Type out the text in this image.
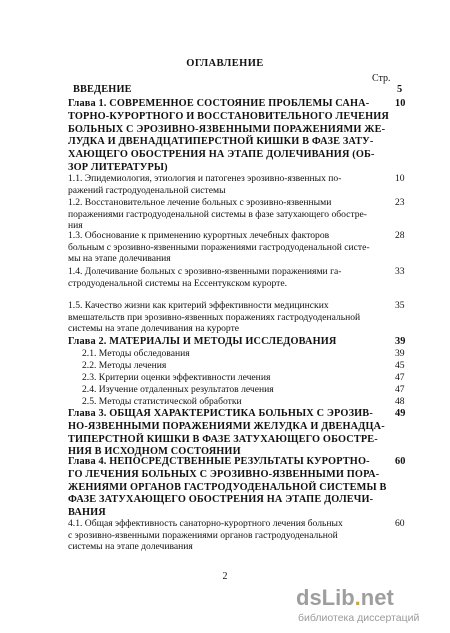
ОГЛАВЛЕНИЕ
Стр.
ВВЕДЕНИЕ	5
Глава 1. СОВРЕМЕННОЕ СОСТОЯНИЕ ПРОБЛЕМЫ САНА-
ТОРНО-КУРОРТНОГО И ВОССТАНОВИТЕЛЬНОГО ЛЕЧЕНИЯ
БОЛЬНЫХ С ЭРОЗИВНО-ЯЗВЕННЫМИ ПОРАЖЕНИЯМИ ЖЕ-
ЛУДКА И ДВЕНАДЦАТИПЕРСТНОЙ КИШКИ В ФАЗЕ ЗАТУ-
ХАЮЩЕГО ОБОСТРЕНИЯ НА ЭТАПЕ ДОЛЕЧИВАНИЯ (ОБ-
ЗОР ЛИТЕРАТУРЫ)
10
1.1. Эпидемиология, этиология и патогенез эрозивно-язвенных по-
ражений гастродуоденальной системы
10
1.2. Восстановительное лечение больных с эрозивно-язвенными
поражениями гастродуоденальной системы в фазе затухающего обостре-
ния
23
1.3. Обоснование к применению курортных лечебных факторов
больным с эрозивно-язвенными поражениями гастродуоденальной систе-
мы на этапе долечивания
28
1.4. Долечивание больных с эрозивно-язвенными поражениями га-
стродуоденальной системы на Ессентукском курорте.
33
1.5. Качество жизни как критерий эффективности медицинских
вмешательств при эрозивно-язвенных поражениях гастродуоденальной
системы на этапе долечивания на курорте
35
Глава 2. МАТЕРИАЛЫ И МЕТОДЫ ИССЛЕДОВАНИЯ	39
2.1. Методы обследования	39
2.2. Методы лечения	45
2.3. Критерии оценки эффективности лечения	47
2.4. Изучение отдаленных результатов лечения	47
2.5. Методы статистической обработки	48
Глава 3. ОБЩАЯ ХАРАКТЕРИСТИКА БОЛЬНЫХ С ЭРОЗИВ-
НО-ЯЗВЕННЫМИ ПОРАЖЕНИЯМИ ЖЕЛУДКА И ДВЕНАДЦА-
ТИПЕРСТНОЙ КИШКИ В ФАЗЕ ЗАТУХАЮЩЕГО ОБОСТРЕ-
НИЯ В ИСХОДНОМ СОСТОЯНИИ
49
Глава 4. НЕПОСРЕДСТВЕННЫЕ РЕЗУЛЬТАТЫ КУРОРТНО-
ГО ЛЕЧЕНИЯ БОЛЬНЫХ С ЭРОЗИВНО-ЯЗВЕННЫМИ ПОРА-
ЖЕНИЯМИ ОРГАНОВ ГАСТРОДУОДЕНАЛЬНОЙ СИСТЕМЫ В
ФАЗЕ ЗАТУХАЮЩЕГО ОБОСТРЕНИЯ НА ЭТАПЕ ДОЛЕЧИ-
ВАНИЯ
60
4.1. Общая эффективность санаторно-курортного лечения больных
с эрозивно-язвенными поражениями органов гастродуоденальной
системы на этапе долечивания
60
2
dsLib.net
библиотека диссертаций
